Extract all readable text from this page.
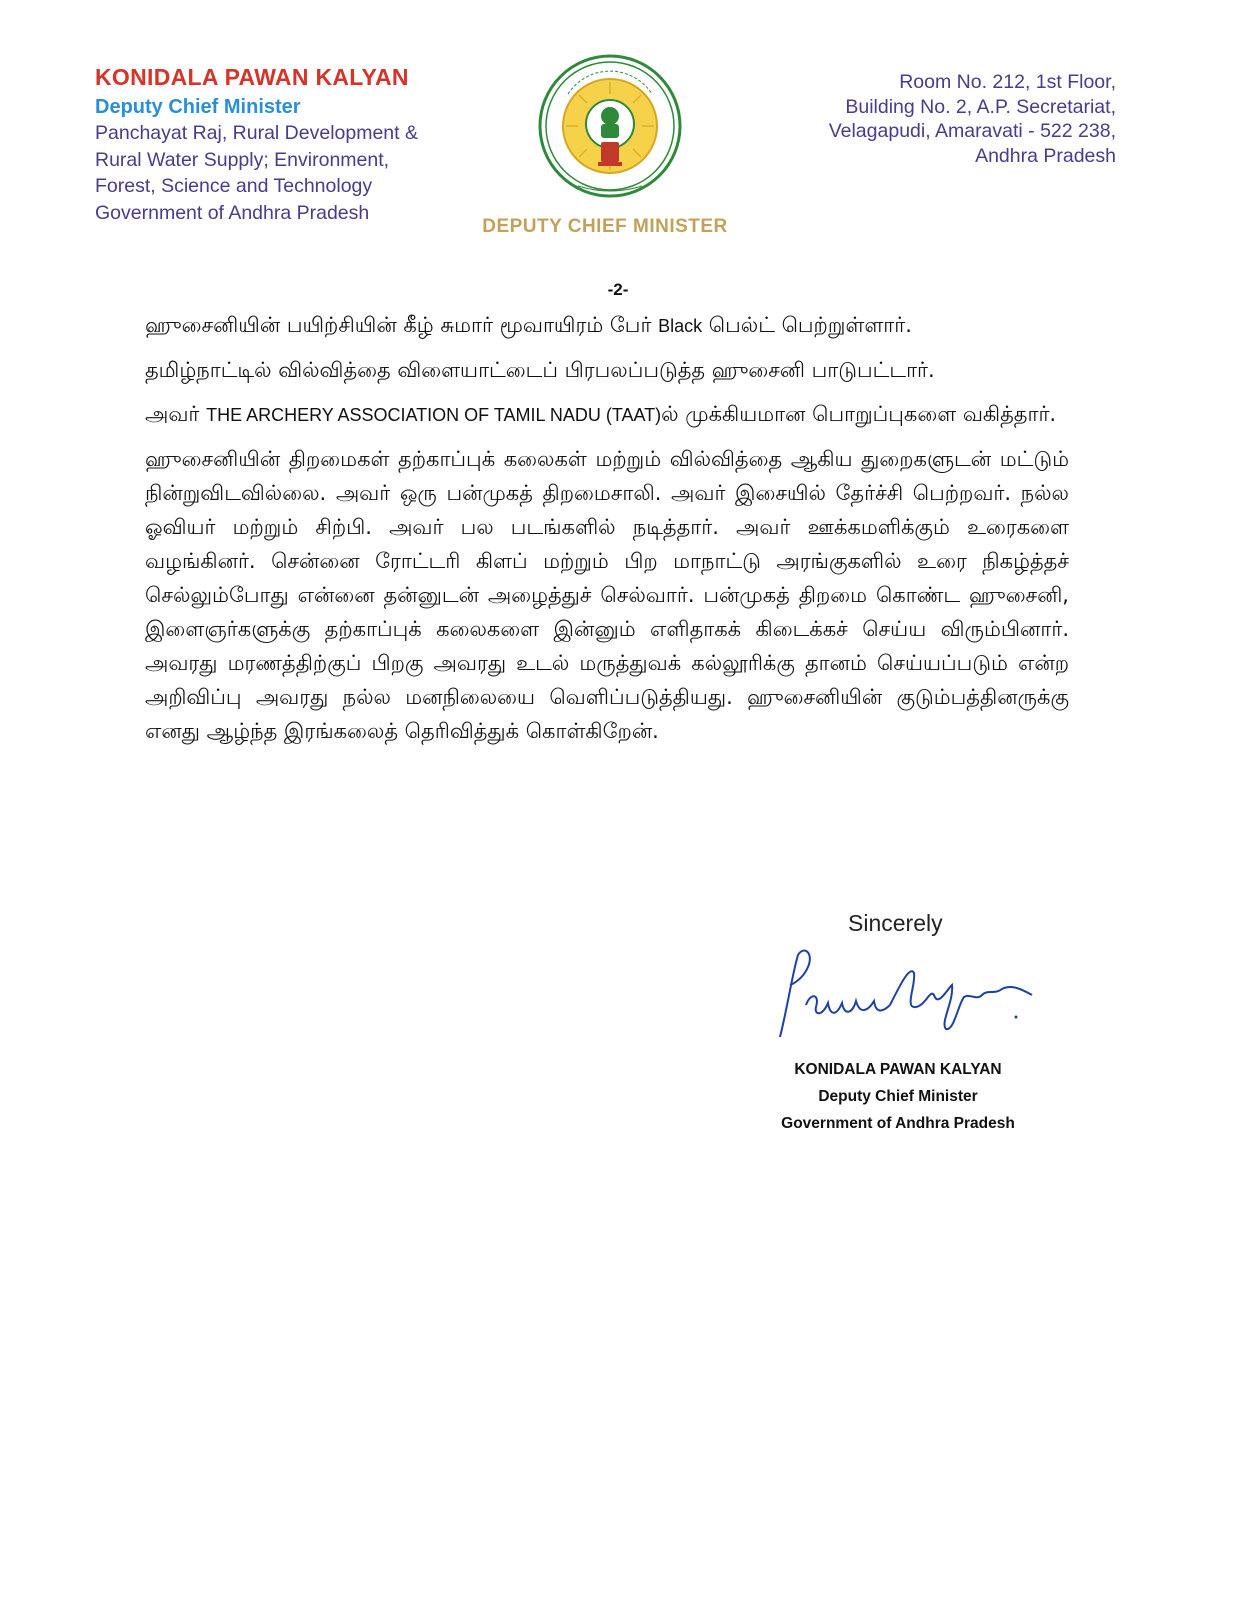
KONIDALA PAWAN KALYAN
Deputy Chief Minister
Panchayat Raj, Rural Development &
Rural Water Supply; Environment,
Forest, Science and Technology
Government of Andhra Pradesh
DEPUTY CHIEF MINISTER
Room No. 212, 1st Floor,
Building No. 2, A.P. Secretariat,
Velagapudi, Amaravati - 522 238,
Andhra Pradesh
-2-

ஹுசைனியின் பயிற்சியின் கீழ் சுமார் மூவாயிரம் பேர் Black பெல்ட் பெற்றுள்ளார்.

தமிழ்நாட்டில் வில்வித்தை விளையாட்டைப் பிரபலப்படுத்த ஹுசைனி பாடுபட்டார்.

அவர் THE ARCHERY ASSOCIATION OF TAMIL NADU (TAAT)ல் முக்கியமான பொறுப்புகளை வகித்தார்.

ஹுசைனியின் திறமைகள் தற்காப்புக் கலைகள் மற்றும் வில்வித்தை ஆகிய துறைகளுடன் மட்டும் நின்றுவிடவில்லை. அவர் ஒரு பன்முகத் திறமைசாலி. அவர் இசையில் தேர்ச்சி பெற்றவர். நல்ல ஓவியர் மற்றும் சிற்பி. அவர் பல படங்களில் நடித்தார். அவர் ஊக்கமளிக்கும் உரைகளை வழங்கினர். சென்னை ரோட்டரி கிளப் மற்றும் பிற மாநாட்டு அரங்குகளில் உரை நிகழ்த்தச் செல்லும்போது என்னை தன்னுடன் அழைத்துச் செல்வார். பன்முகத் திறமை கொண்ட ஹுசைனி, இளைஞர்களுக்கு தற்காப்புக் கலைகளை இன்னும் எளிதாகக் கிடைக்கச் செய்ய விரும்பினார். அவரது மரணத்திற்குப் பிறகு அவரது உடல் மருத்துவக் கல்லூரிக்கு தானம் செய்யப்படும் என்ற அறிவிப்பு அவரது நல்ல மனநிலையை வெளிப்படுத்தியது. ஹுசைனியின் குடும்பத்தினருக்கு எனது ஆழ்ந்த இரங்கலைத் தெரிவித்துக் கொள்கிறேன்.

Sincerely
KONIDALA PAWAN KALYAN
Deputy Chief Minister
Government of Andhra Pradesh
